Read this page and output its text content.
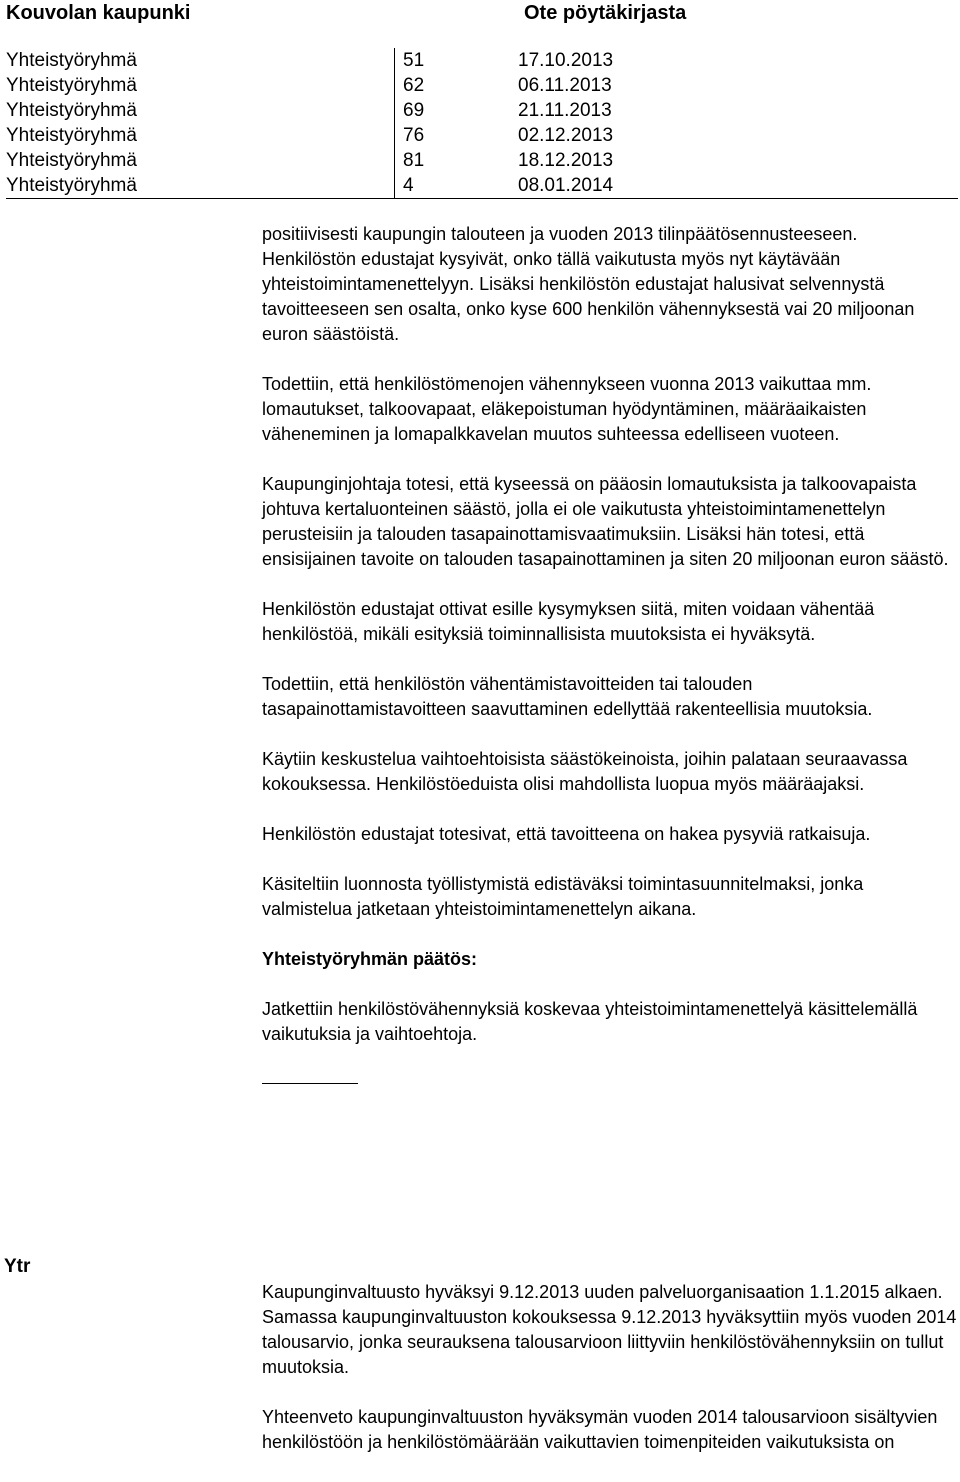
Kouvolan kaupunki	Ote pöytäkirjasta
Yhteistyöryhmä	51	17.10.2013
Yhteistyöryhmä	62	06.11.2013
Yhteistyöryhmä	69	21.11.2013
Yhteistyöryhmä	76	02.12.2013
Yhteistyöryhmä	81	18.12.2013
Yhteistyöryhmä	4	08.01.2014

positiivisesti kaupungin talouteen ja vuoden 2013 tilinpäätösennusteeseen. Henkilöstön edustajat kysyivät, onko tällä vaikutusta myös nyt käytävään yhteistoimintamenettelyyn. Lisäksi henkilöstön edustajat halusivat selvennystä tavoitteeseen sen osalta, onko kyse 600 henkilön vähennyksestä vai 20 miljoonan euron säästöistä.

Todettiin, että henkilöstömenojen vähennykseen vuonna 2013 vaikuttaa mm. lomautukset, talkoovapaat, eläkepoistuman hyödyntäminen, määräaikaisten väheneminen ja lomapalkkavelan muutos suhteessa edelliseen vuoteen.

Kaupunginjohtaja totesi, että kyseessä on pääosin lomautuksista ja talkoovapaista johtuva kertaluonteinen säästö, jolla ei ole vaikutusta yhteistoimintamenettelyn perusteisiin ja talouden tasapainottamisvaatimuksiin. Lisäksi hän totesi, että ensisijainen tavoite on talouden tasapainottaminen ja siten 20 miljoonan euron säästö.

Henkilöstön edustajat ottivat esille kysymyksen siitä, miten voidaan vähentää henkilöstöä, mikäli esityksiä toiminnallisista muutoksista ei hyväksytä.

Todettiin, että henkilöstön vähentämistavoitteiden tai talouden tasapainottamistavoitteen saavuttaminen edellyttää rakenteellisia muutoksia.

Käytiin keskustelua vaihtoehtoisista säästökeinoista, joihin palataan seuraavassa kokouksessa. Henkilöstöeduista olisi mahdollista luopua myös määräajaksi.

Henkilöstön edustajat totesivat, että tavoitteena on hakea pysyviä ratkaisuja.

Käsiteltiin luonnosta työllistymistä edistäväksi toimintasuunnitelmaksi, jonka valmistelua jatketaan yhteistoimintamenettelyn aikana.

Yhteistyöryhmän päätös:

Jatkettiin henkilöstövähennyksiä koskevaa yhteistoimintamenettelyä käsittelemällä vaikutuksia ja vaihtoehtoja.

Ytr

Kaupunginvaltuusto hyväksyi 9.12.2013 uuden palveluorganisaation 1.1.2015 alkaen. Samassa kaupunginvaltuuston kokouksessa 9.12.2013 hyväksyttiin myös vuoden 2014 talousarvio, jonka seurauksena talousarvioon liittyviin henkilöstövähennyksiin on tullut muutoksia.

Yhteenveto kaupunginvaltuuston hyväksymän vuoden 2014 talousarvioon sisältyvien henkilöstöön ja henkilöstömäärään vaikuttavien toimenpiteiden vaikutuksista on
